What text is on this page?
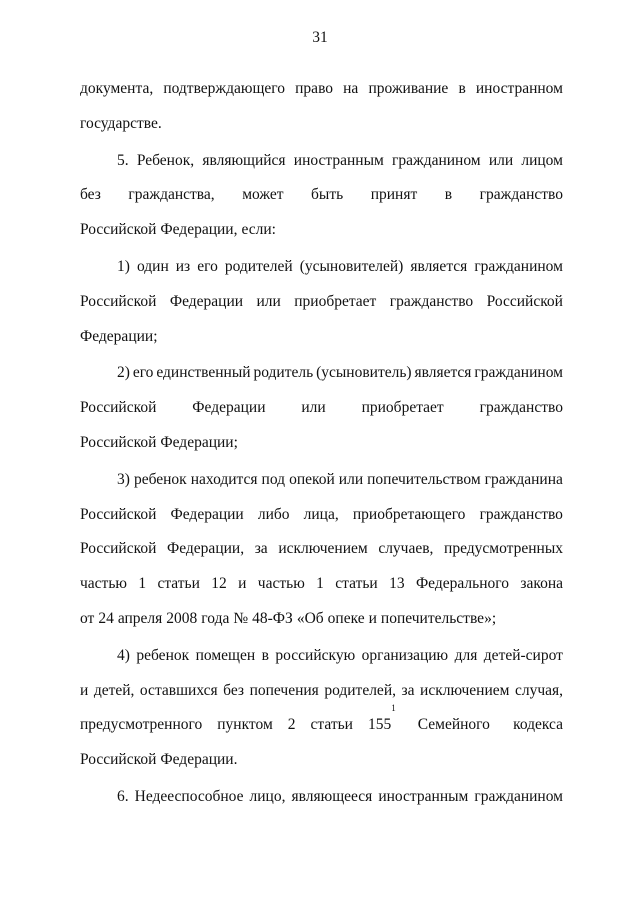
31
документа, подтверждающего право на проживание в иностранном
государстве.
5. Ребенок, являющийся иностранным гражданином или лицом
без гражданства, может быть принят в гражданство
Российской Федерации, если:
1) один из его родителей (усыновителей) является гражданином
Российской Федерации или приобретает гражданство Российской
Федерации;
2) его единственный родитель (усыновитель) является гражданином
Российской Федерации или приобретает гражданство
Российской Федерации;
3) ребенок находится под опекой или попечительством гражданина
Российской Федерации либо лица, приобретающего гражданство
Российской Федерации, за исключением случаев, предусмотренных
частью 1 статьи 12 и частью 1 статьи 13 Федерального закона
от 24 апреля 2008 года № 48-ФЗ «Об опеке и попечительстве»;
4) ребенок помещен в российскую организацию для детей-сирот
и детей, оставшихся без попечения родителей, за исключением случая,
предусмотренного пунктом 2 статьи 155
1
Семейного кодекса
Российской Федерации.
6. Недееспособное лицо, являющееся иностранным гражданином
